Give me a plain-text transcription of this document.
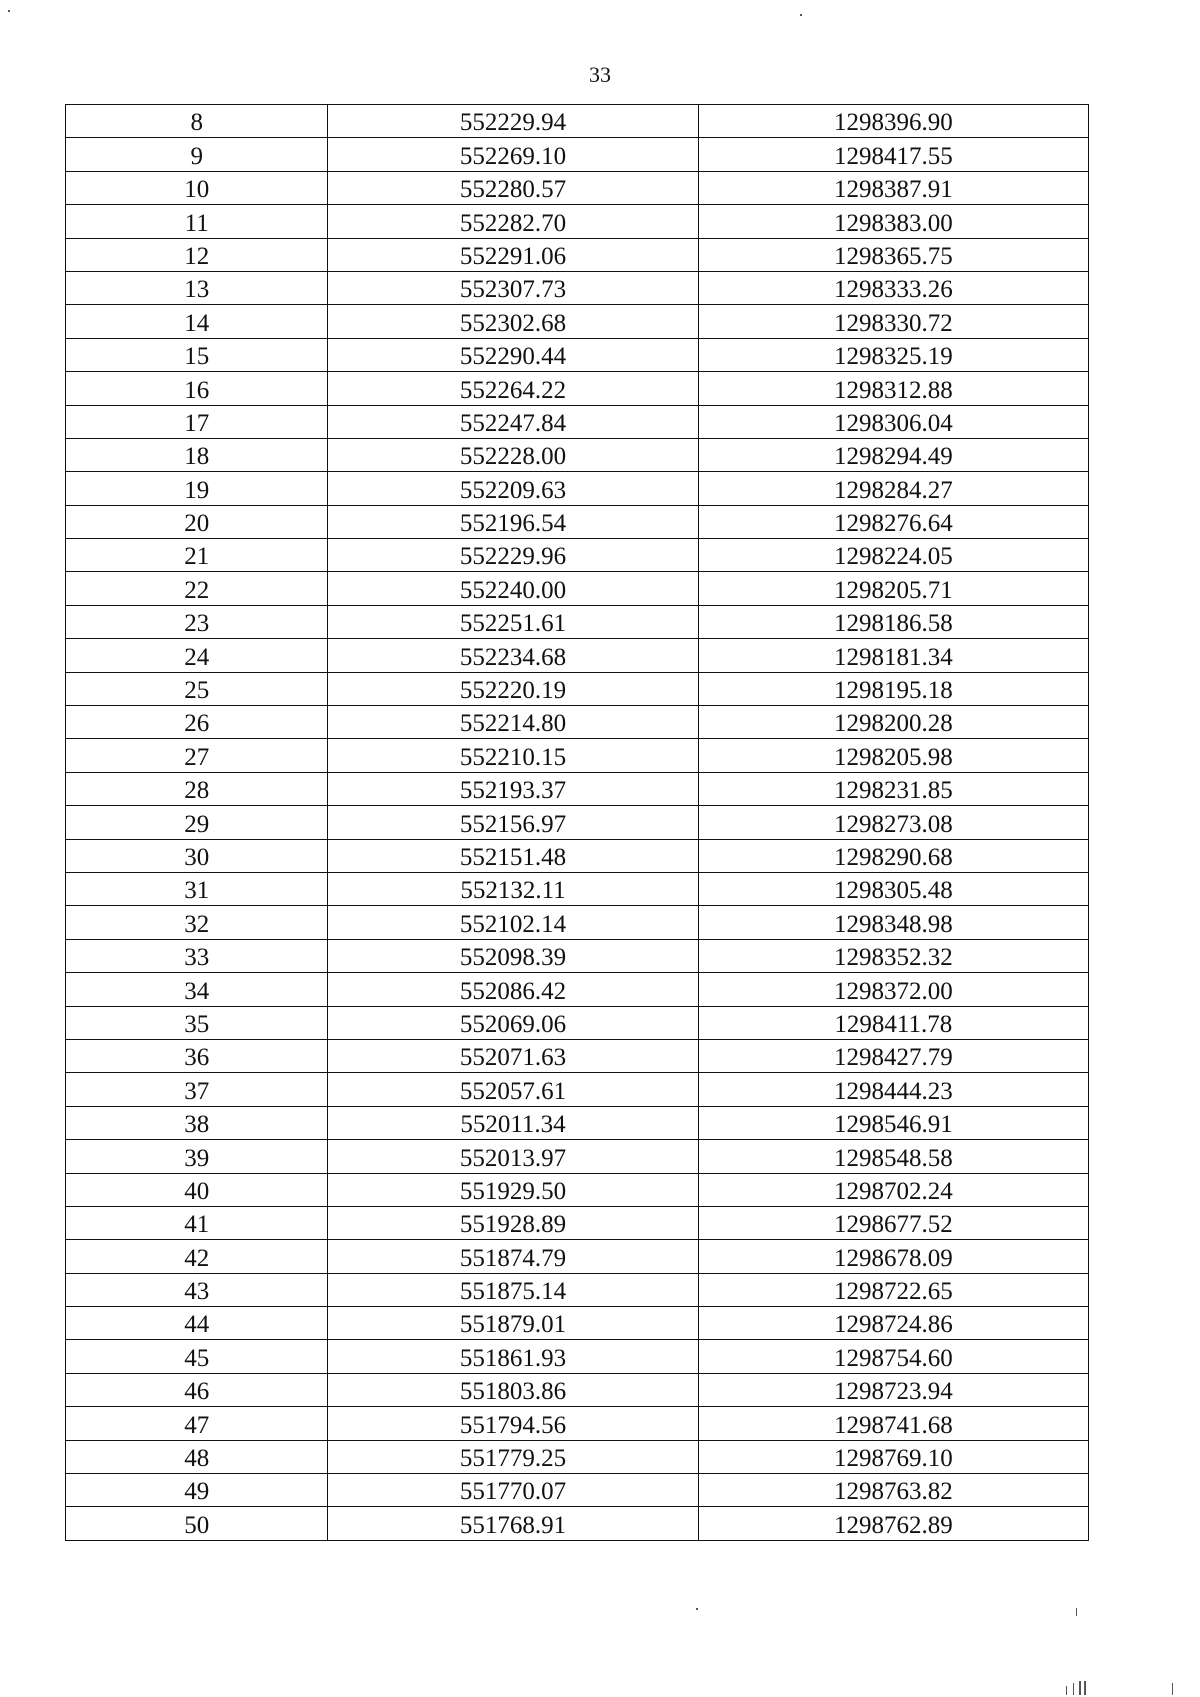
33
8	552229.94	1298396.90
9	552269.10	1298417.55
10	552280.57	1298387.91
11	552282.70	1298383.00
12	552291.06	1298365.75
13	552307.73	1298333.26
14	552302.68	1298330.72
15	552290.44	1298325.19
16	552264.22	1298312.88
17	552247.84	1298306.04
18	552228.00	1298294.49
19	552209.63	1298284.27
20	552196.54	1298276.64
21	552229.96	1298224.05
22	552240.00	1298205.71
23	552251.61	1298186.58
24	552234.68	1298181.34
25	552220.19	1298195.18
26	552214.80	1298200.28
27	552210.15	1298205.98
28	552193.37	1298231.85
29	552156.97	1298273.08
30	552151.48	1298290.68
31	552132.11	1298305.48
32	552102.14	1298348.98
33	552098.39	1298352.32
34	552086.42	1298372.00
35	552069.06	1298411.78
36	552071.63	1298427.79
37	552057.61	1298444.23
38	552011.34	1298546.91
39	552013.97	1298548.58
40	551929.50	1298702.24
41	551928.89	1298677.52
42	551874.79	1298678.09
43	551875.14	1298722.65
44	551879.01	1298724.86
45	551861.93	1298754.60
46	551803.86	1298723.94
47	551794.56	1298741.68
48	551779.25	1298769.10
49	551770.07	1298763.82
50	551768.91	1298762.89
